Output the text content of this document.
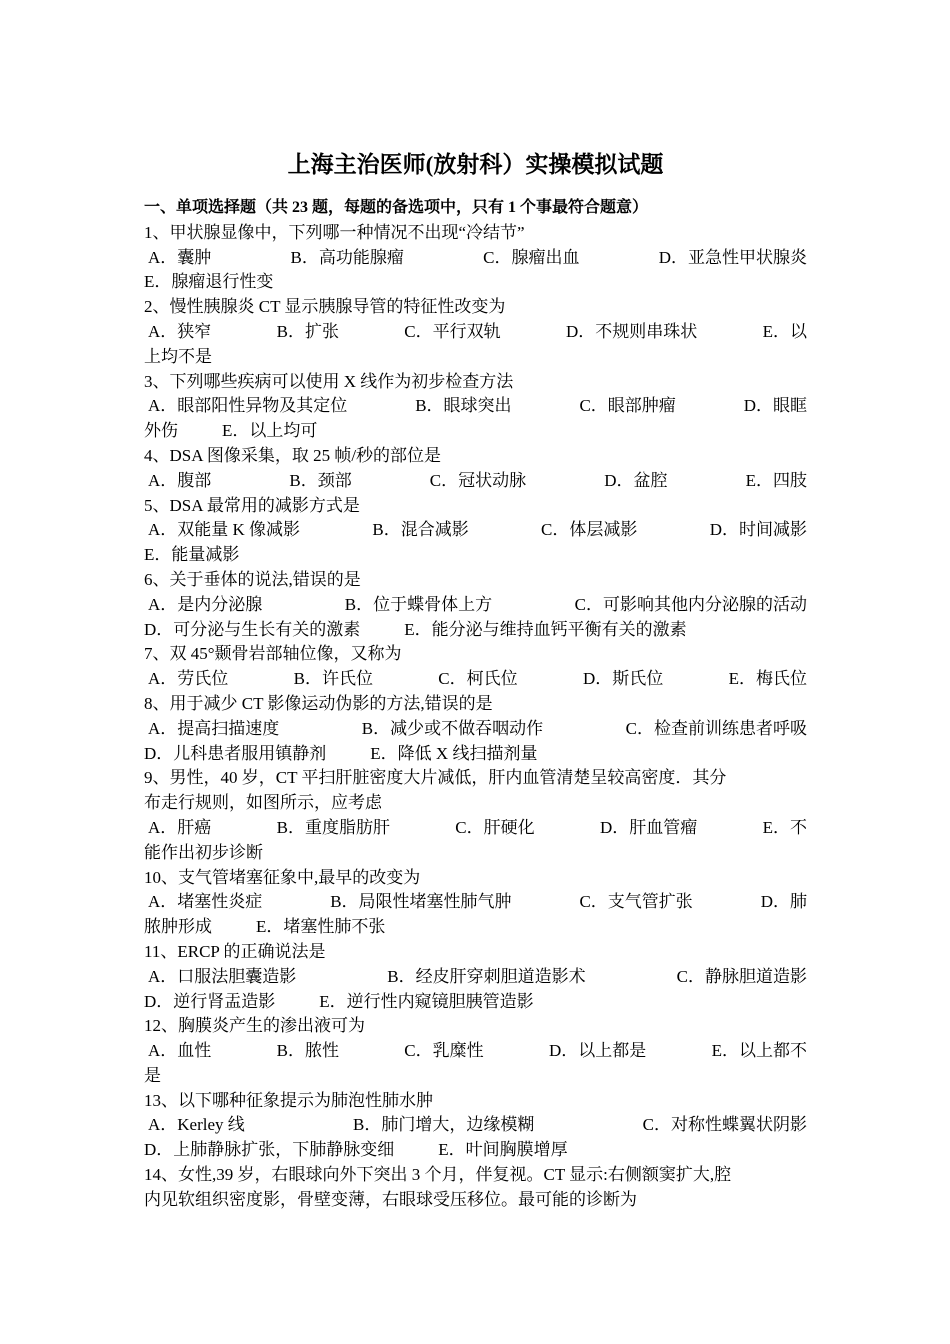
上海主治医师(放射科）实操模拟试题
一、单项选择题（共 23 题，每题的备选项中，只有 1 个事最符合题意）
1、甲状腺显像中，下列哪一种情况不出现“冷结节”
A．囊肿	B．高功能腺瘤	C．腺瘤出血	D．亚急性甲状腺炎
E．腺瘤退行性变
2、慢性胰腺炎 CT 显示胰腺导管的特征性改变为
A．狭窄	B．扩张	C．平行双轨	D．不规则串珠状	E．以
上均不是
3、下列哪些疾病可以使用 X 线作为初步检查方法
A．眼部阳性异物及其定位	B．眼球突出	C．眼部肿瘤	D．眼眶
外伤	E．以上均可
4、DSA 图像采集，取 25 帧/秒的部位是
A．腹部	B．颈部	C．冠状动脉	D．盆腔	E．四肢
5、DSA 最常用的减影方式是
A．双能量 K 像减影	B．混合减影	C．体层减影	D．时间减影
E．能量减影
6、关于垂体的说法,错误的是
A．是内分泌腺	B．位于蝶骨体上方	C．可影响其他内分泌腺的活动
D．可分泌与生长有关的激素	E．能分泌与维持血钙平衡有关的激素
7、双 45°颞骨岩部轴位像，又称为
A．劳氏位	B．许氏位	C．柯氏位	D．斯氏位	E．梅氏位
8、用于减少 CT 影像运动伪影的方法,错误的是
A．提高扫描速度	B．减少或不做吞咽动作	C．检查前训练患者呼吸
D．儿科患者服用镇静剂	E．降低 X 线扫描剂量
9、男性，40 岁，CT 平扫肝脏密度大片减低，肝内血管清楚呈较高密度．其分
布走行规则，如图所示，应考虑
A．肝癌	B．重度脂肪肝	C．肝硬化	D．肝血管瘤	E．不
能作出初步诊断
10、支气管堵塞征象中,最早的改变为
A．堵塞性炎症	B．局限性堵塞性肺气肿	C．支气管扩张	D．肺
脓肿形成	E．堵塞性肺不张
11、ERCP 的正确说法是
A．口服法胆囊造影	B．经皮肝穿刺胆道造影术	C．静脉胆道造影
D．逆行肾盂造影	E．逆行性内窥镜胆胰管造影
12、胸膜炎产生的渗出液可为
A．血性	B．脓性	C．乳糜性	D．以上都是	E．以上都不
是
13、以下哪种征象提示为肺泡性肺水肿
A．Kerley 线	B．肺门增大，边缘模糊	C．对称性蝶翼状阴影
D．上肺静脉扩张，下肺静脉变细	E．叶间胸膜增厚
14、女性,39 岁，右眼球向外下突出 3 个月，伴复视。CT 显示:右侧额窦扩大,腔
内见软组织密度影，骨壁变薄，右眼球受压移位。最可能的诊断为
